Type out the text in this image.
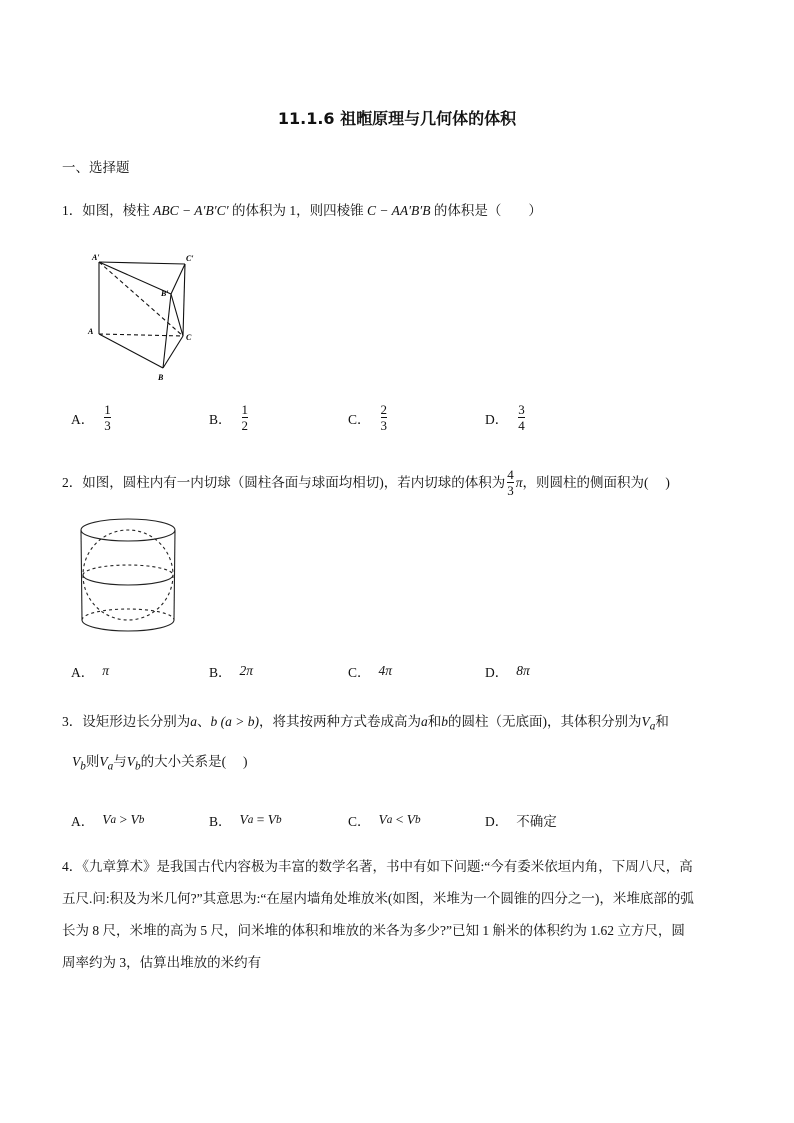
11.1.6 祖暅原理与几何体的体积
一、选择题
1．如图，棱柱 ABC − A′B′C′ 的体积为 1，则四棱锥 C − AA′B′B 的体积是（　　）
A′	C′
B′
A
C
B
A． $\frac{1}{3}$	B． $\frac{1}{2}$	C． $\frac{2}{3}$	D． $\frac{3}{4}$
2．如图，圆柱内有一内切球（圆柱各面与球面均相切)，若内切球的体积为 $\frac{4}{3}$ π ，则圆柱的侧面积为(　 )
A． π	B． 2π	C． 4π	D． 8π
3．设矩形边长分别为a、b (a > b)，将其按两种方式卷成高为a和b的圆柱（无底面)，其体积分别为$V_a$和
$V_b$则$V_a$与$V_b$的大小关系是(　 )
A． V a > V b	B． V a = V b	C． V a < V b	D． 不确定
4．《九章算术》是我国古代内容极为丰富的数学名著，书中有如下问题:“今有委米依垣内角，下周八尺，高
五尺.问:积及为米几何?”其意思为:“在屋内墙角处堆放米(如图，米堆为一个圆锥的四分之一)，米堆底部的弧
长为 8 尺，米堆的高为 5 尺，问米堆的体积和堆放的米各为多少?”已知 1 斛米的体积约为 1.62 立方尺，圆
周率约为 3，估算出堆放的米约有
